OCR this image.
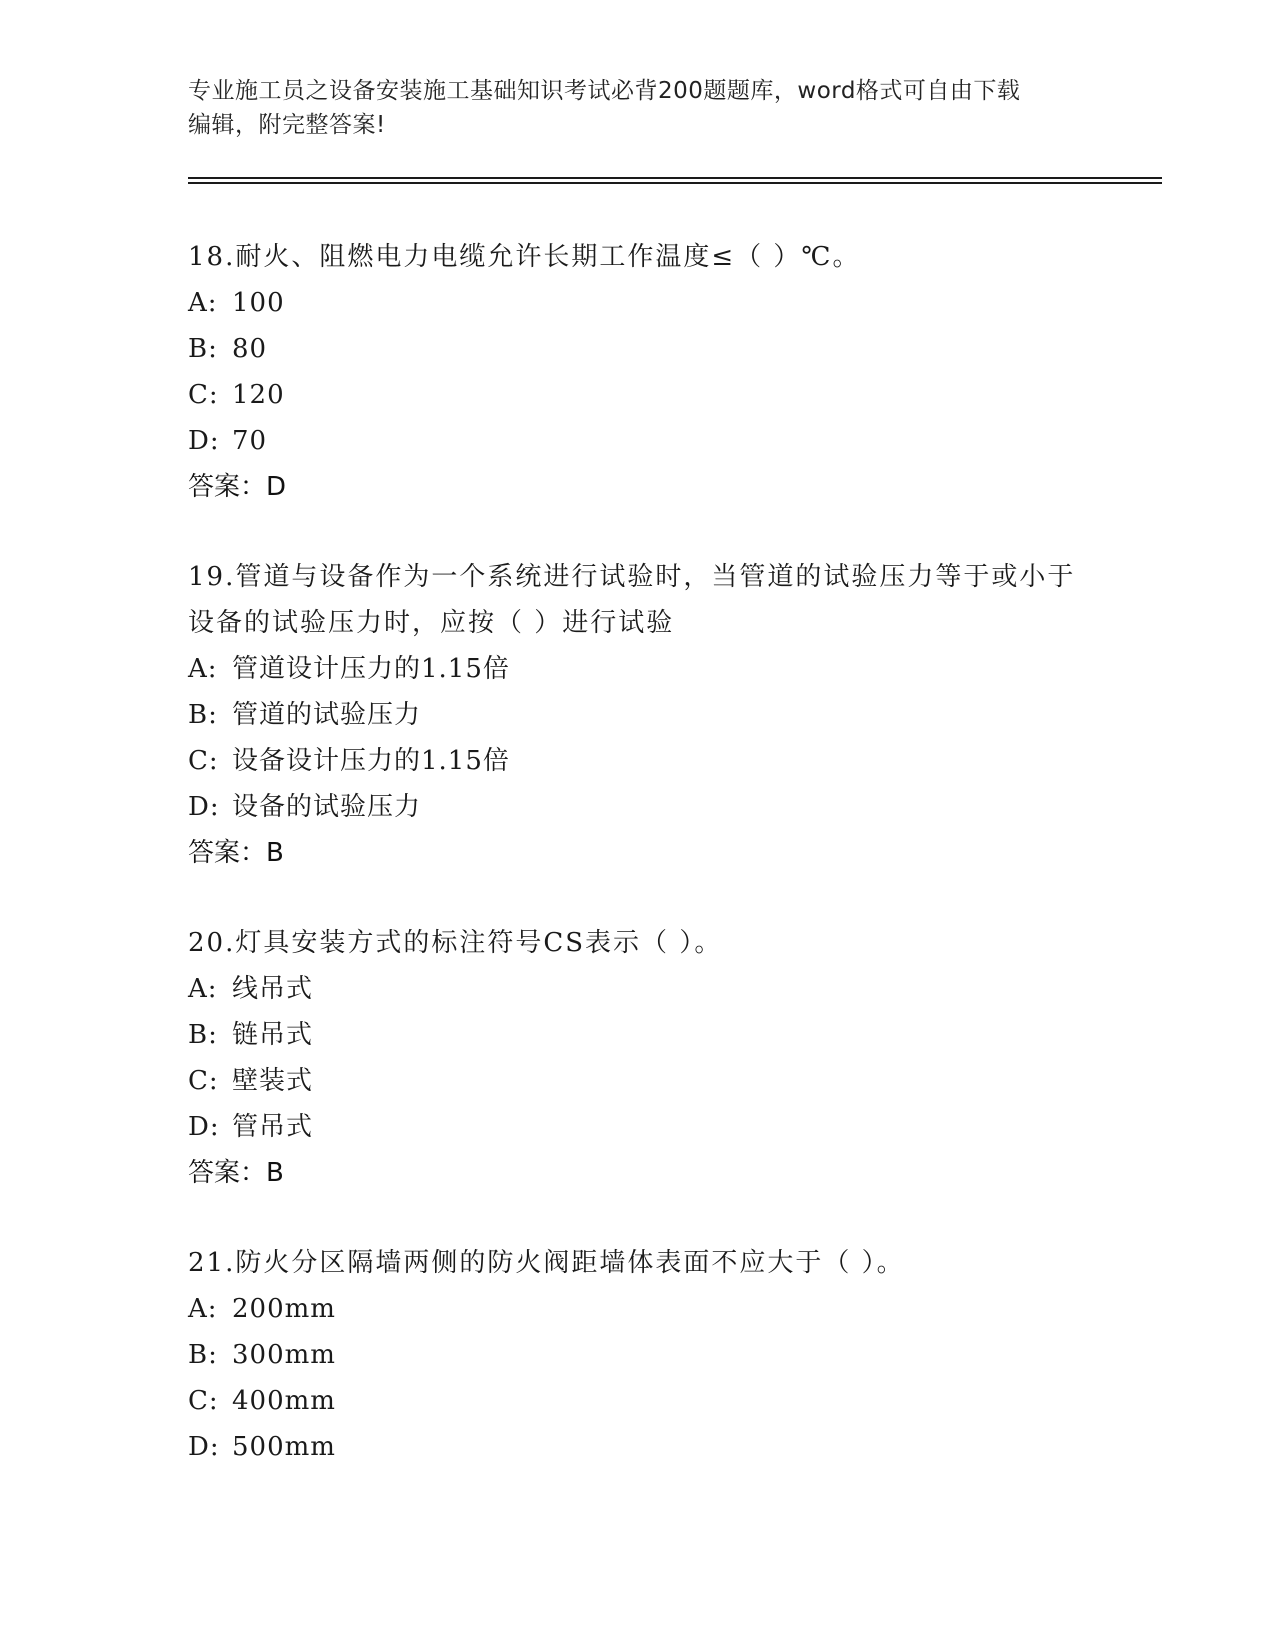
专业施工员之设备安装施工基础知识考试必背200题题库，word格式可自由下载
编辑，附完整答案!

18.耐火、阻燃电力电缆允许长期工作温度≤（ ）℃。

A: 100

B: 80

C: 120

D: 70

答案：D

19.管道与设备作为一个系统进行试验时，当管道的试验压力等于或小于设备的试验压力时，应按（ ）进行试验

A: 管道设计压力的1.15倍

B: 管道的试验压力

C: 设备设计压力的1.15倍

D: 设备的试验压力

答案：B

20.灯具安装方式的标注符号CS表示（ ）。

A: 线吊式

B: 链吊式

C: 壁装式

D: 管吊式

答案：B

21.防火分区隔墙两侧的防火阀距墙体表面不应大于（ ）。

A: 200mm

B: 300mm

C: 400mm

D: 500mm
